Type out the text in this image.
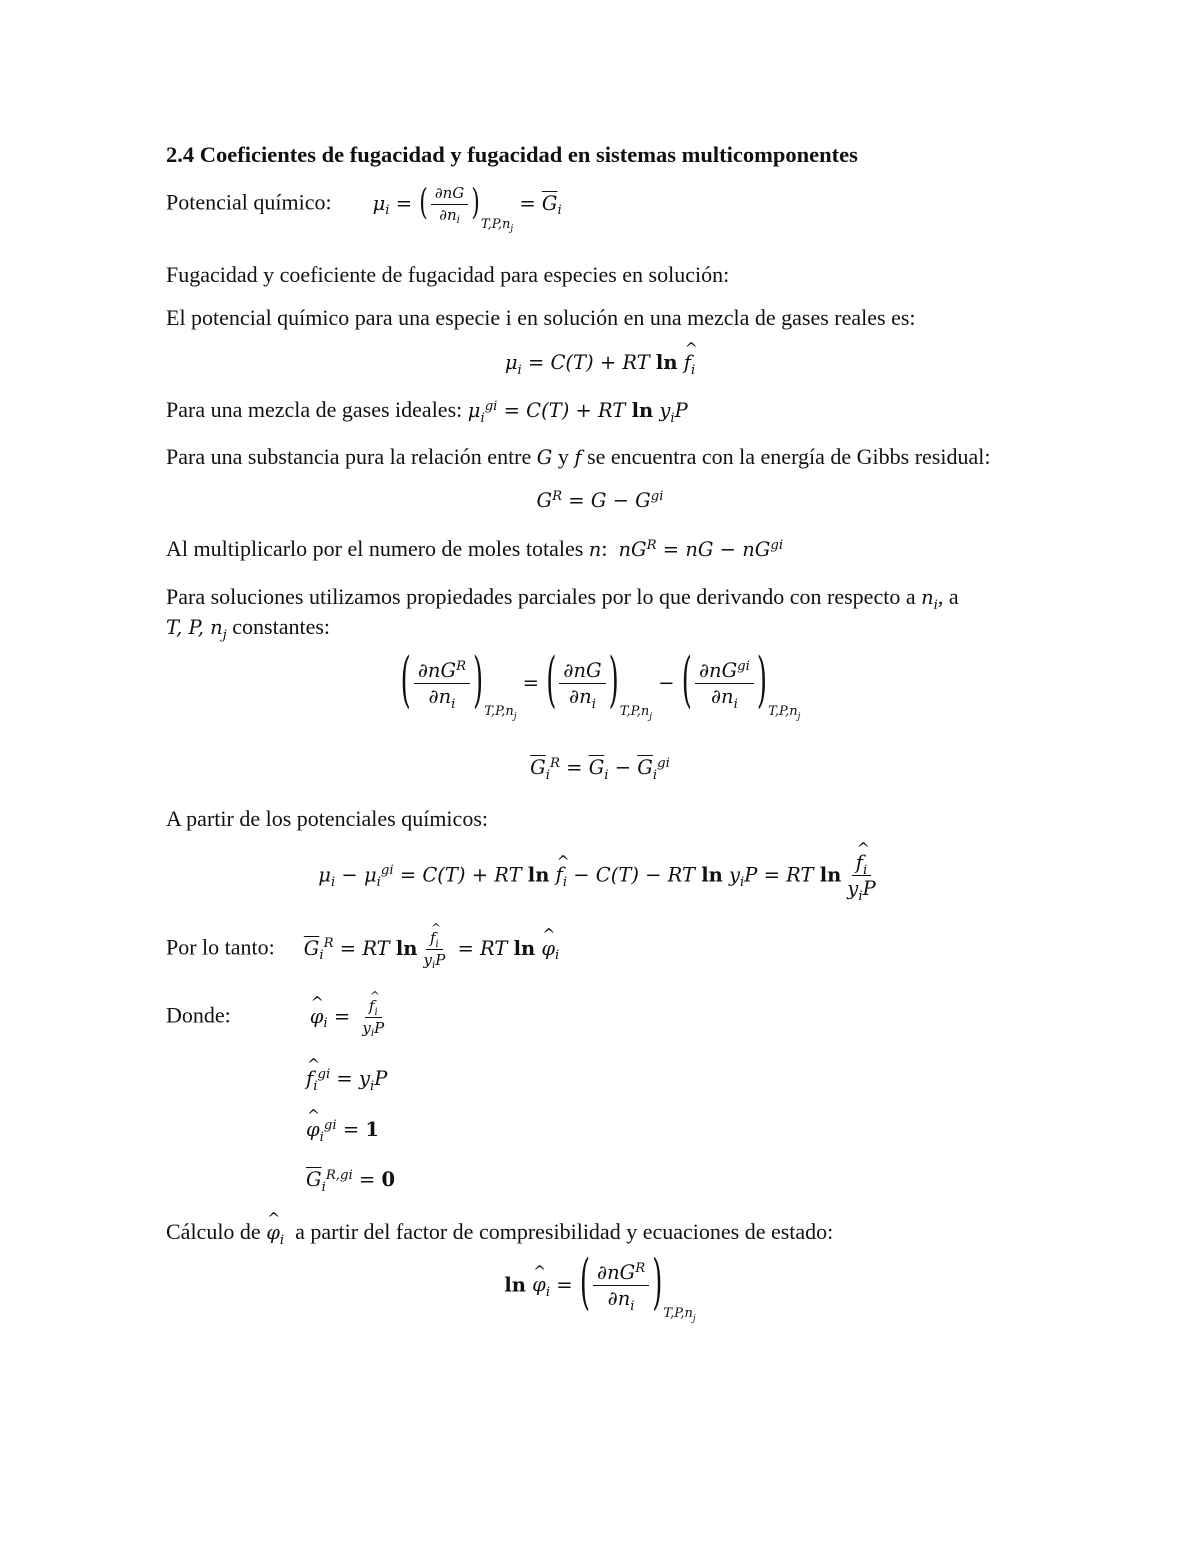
2.4 Coeficientes de fugacidad y fugacidad en sistemas multicomponentes
Potencial químico: $\mu_i$ = ( $\frac{\partial nG}{\partial n_i} )T,P,n_j = \overline{G}_i$
Fugacidad y coeficiente de fugacidad para especies en solución:
El potencial químico para una especie i en solución en una mezcla de gases reales es:
$\mu_i = C(T)$ + RT ln f $\^{}_i$
Para una mezcla de gases ideales: $\mu_i^{gi} = C(T)$ + RT $\ln y_iP$
Para una substancia pura la relación entre G y f se encuentra con la energía de Gibbs residual:
$G^R = G - G^{gi}$
Al multiplicarlo por el numero de moles totales n:  $nG^R$ = nG − $nG^{gi}$
Para soluciones utilizamos propiedades parciales por lo que derivando con respecto a $n_i$, a
T, P, $n_j$ constantes:
( $\frac{\partial nG^R}{\partial n_i} )T,P,n_j$ = ( $\frac{\partial nG}{\partial n_i} )T,P,n_j$ − ( $\frac{\partial nG^{gi}}{\partial n_i} )T,P,n_j$
$\overline{G}_i^R = \overline{G}_i - \overline{G}_i^{gi}$
A partir de los potenciales químicos:
$\mu_i - \mu_i^{gi} = C(T)$ + RT ln f $\^{}_i - C(T)$ − RT $\ln y_iP$ = RT $\ln \frac{f \^{}_i}{y_iP}$
Por lo tanto: $\overline{G}_i^R$ = RT $\ln \frac{f \^{}_i}{y_iP}$ = RT ln φ $\^{}_i$
Donde:	φ $\^{}_i = \frac{f \^{}_i}{y_iP}$
f $\^{}_i^{gi} = y_iP$
φ $\^{}_i^{gi} = 1$
$\overline{G}_i^{R,gi} = 0$
Cálculo de φ $\^{}_i$ a partir del factor de compresibilidad y ecuaciones de estado:
ln φ $\^{}_i$ = ( $\frac{\partial nG^R}{\partial n_i} )T,P,n_j$
